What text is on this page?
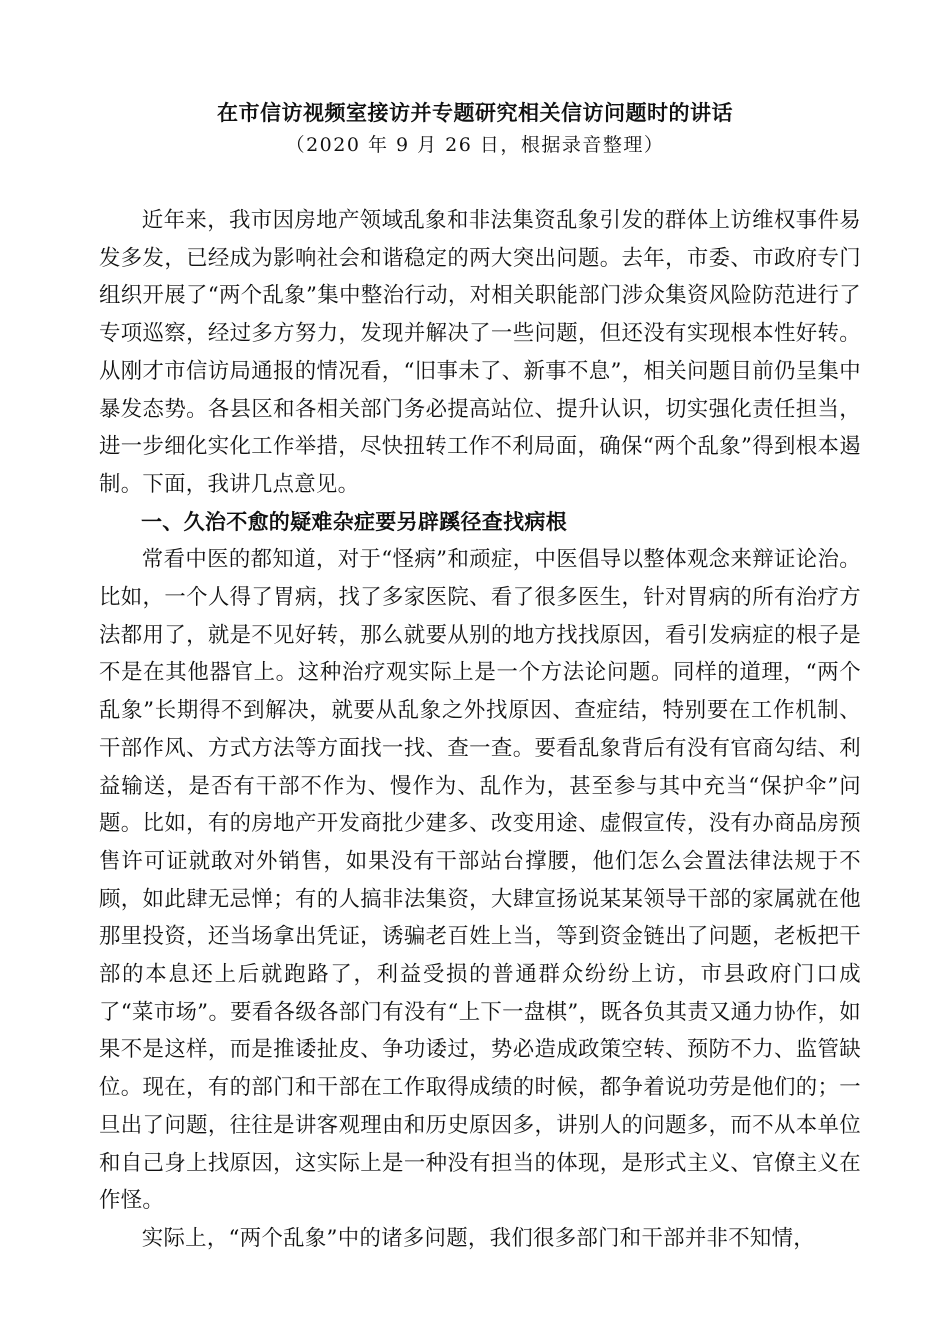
在市信访视频室接访并专题研究相关信访问题时的讲话

（2020 年 9 月 26 日，根据录音整理）

近年来，我市因房地产领域乱象和非法集资乱象引发的群体上访维权事件易发多发，已经成为影响社会和谐稳定的两大突出问题。去年，市委、市政府专门组织开展了“两个乱象”集中整治行动，对相关职能部门涉众集资风险防范进行了专项巡察，经过多方努力，发现并解决了一些问题，但还没有实现根本性好转。从刚才市信访局通报的情况看，“旧事未了、新事不息”，相关问题目前仍呈集中暴发态势。各县区和各相关部门务必提高站位、提升认识，切实强化责任担当，进一步细化实化工作举措，尽快扭转工作不利局面，确保“两个乱象”得到根本遏制。下面，我讲几点意见。

一、久治不愈的疑难杂症要另辟蹊径查找病根

常看中医的都知道，对于“怪病”和顽症，中医倡导以整体观念来辩证论治。比如，一个人得了胃病，找了多家医院、看了很多医生，针对胃病的所有治疗方法都用了，就是不见好转，那么就要从别的地方找找原因，看引发病症的根子是不是在其他器官上。这种治疗观实际上是一个方法论问题。同样的道理，“两个乱象”长期得不到解决，就要从乱象之外找原因、查症结，特别要在工作机制、干部作风、方式方法等方面找一找、查一查。要看乱象背后有没有官商勾结、利益输送，是否有干部不作为、慢作为、乱作为，甚至参与其中充当“保护伞”问题。比如，有的房地产开发商批少建多、改变用途、虚假宣传，没有办商品房预售许可证就敢对外销售，如果没有干部站台撑腰，他们怎么会置法律法规于不顾，如此肆无忌惮；有的人搞非法集资，大肆宣扬说某某领导干部的家属就在他那里投资，还当场拿出凭证，诱骗老百姓上当，等到资金链出了问题，老板把干部的本息还上后就跑路了，利益受损的普通群众纷纷上访，市县政府门口成了“菜市场”。要看各级各部门有没有“上下一盘棋”，既各负其责又通力协作，如果不是这样，而是推诿扯皮、争功诿过，势必造成政策空转、预防不力、监管缺位。现在，有的部门和干部在工作取得成绩的时候，都争着说功劳是他们的；一旦出了问题，往往是讲客观理由和历史原因多，讲别人的问题多，而不从本单位和自己身上找原因，这实际上是一种没有担当的体现，是形式主义、官僚主义在作怪。

实际上，“两个乱象”中的诸多问题，我们很多部门和干部并非不知情，
